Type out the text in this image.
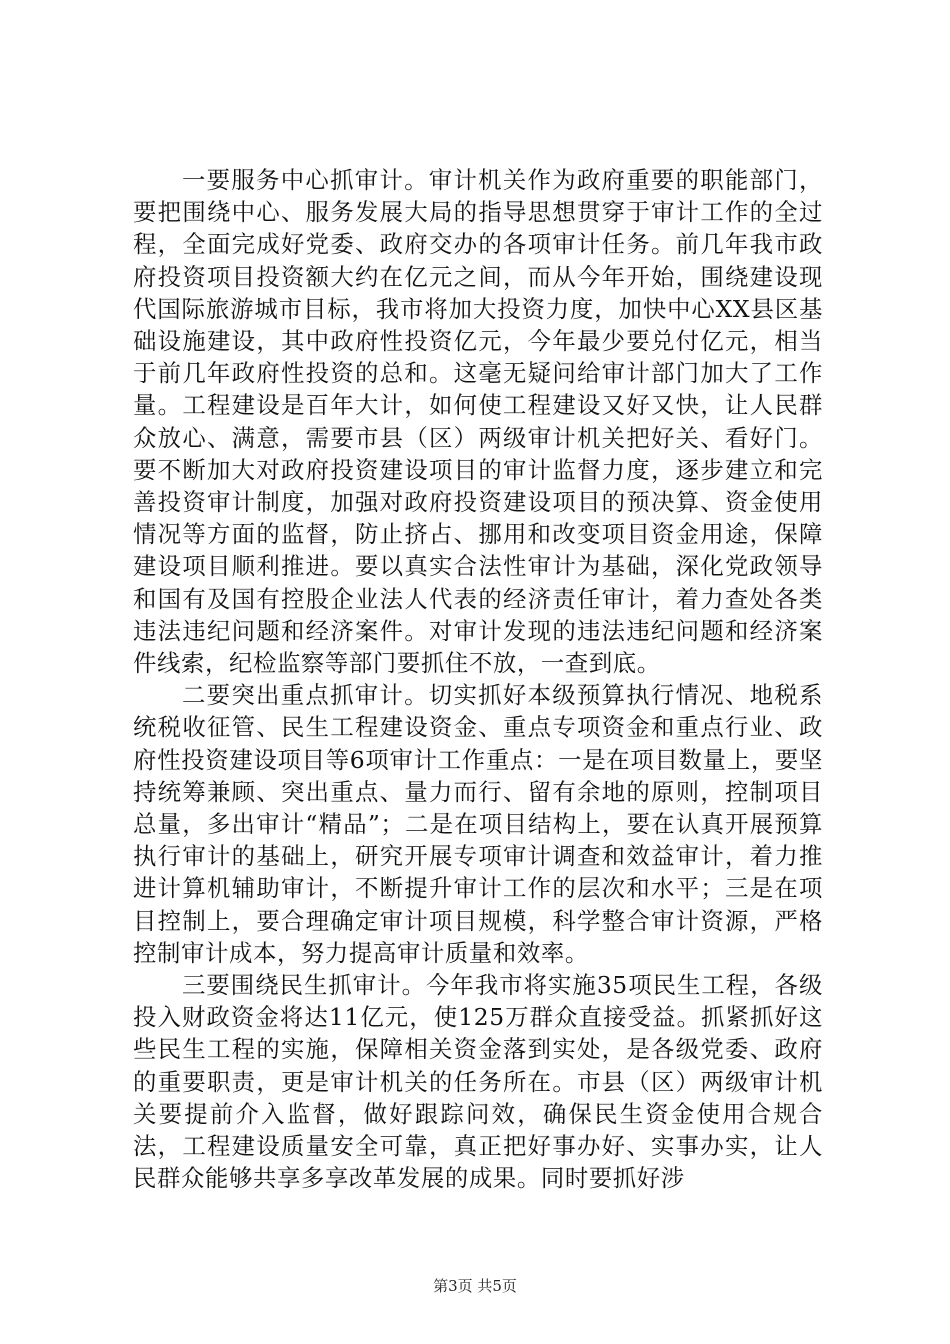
一要服务中心抓审计。审计机关作为政府重要的职能部门，要把围绕中心、服务发展大局的指导思想贯穿于审计工作的全过程，全面完成好党委、政府交办的各项审计任务。前几年我市政府投资项目投资额大约在亿元之间，而从今年开始，围绕建设现代国际旅游城市目标，我市将加大投资力度，加快中心XX县区基础设施建设，其中政府性投资亿元，今年最少要兑付亿元，相当于前几年政府性投资的总和。这毫无疑问给审计部门加大了工作量。工程建设是百年大计，如何使工程建设又好又快，让人民群众放心、满意，需要市县（区）两级审计机关把好关、看好门。要不断加大对政府投资建设项目的审计监督力度，逐步建立和完善投资审计制度，加强对政府投资建设项目的预决算、资金使用情况等方面的监督，防止挤占、挪用和改变项目资金用途，保障建设项目顺利推进。要以真实合法性审计为基础，深化党政领导和国有及国有控股企业法人代表的经济责任审计，着力查处各类违法违纪问题和经济案件。对审计发现的违法违纪问题和经济案件线索，纪检监察等部门要抓住不放，一查到底。

二要突出重点抓审计。切实抓好本级预算执行情况、地税系统税收征管、民生工程建设资金、重点专项资金和重点行业、政府性投资建设项目等6项审计工作重点：一是在项目数量上，要坚持统筹兼顾、突出重点、量力而行、留有余地的原则，控制项目总量，多出审计“精品”；二是在项目结构上，要在认真开展预算执行审计的基础上，研究开展专项审计调查和效益审计，着力推进计算机辅助审计，不断提升审计工作的层次和水平；三是在项目控制上，要合理确定审计项目规模，科学整合审计资源，严格控制审计成本，努力提高审计质量和效率。

三要围绕民生抓审计。今年我市将实施35项民生工程，各级投入财政资金将达11亿元，使125万群众直接受益。抓紧抓好这些民生工程的实施，保障相关资金落到实处，是各级党委、政府的重要职责，更是审计机关的任务所在。市县（区）两级审计机关要提前介入监督，做好跟踪问效，确保民生资金使用合规合法，工程建设质量安全可靠，真正把好事办好、实事办实，让人民群众能够共享多享改革发展的成果。同时要抓好涉

第3页 共5页
